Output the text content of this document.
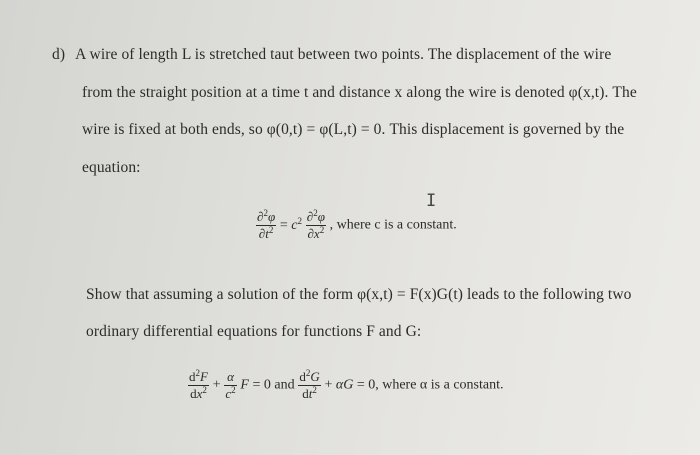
d) A wire of length L is stretched taut between two points. The displacement of the wire
from the straight position at a time t and distance x along the wire is denoted φ(x,t). The
wire is fixed at both ends, so φ(0,t) = φ(L,t) = 0. This displacement is governed by the
equation:
I
$\frac{\partial^2\varphi}{\partial t^2} = c^2 \frac{\partial^2\varphi}{\partial x^2}$ , where c is a constant.
Show that assuming a solution of the form φ(x,t) = F(x)G(t) leads to the following two
ordinary differential equations for functions F and G:
$\frac{d^2F}{dx^2} + \frac{\alpha}{c^2}$ F = 0 and $\frac{d^2G}{dt^2} + \alpha G = 0$, where α is a constant.
